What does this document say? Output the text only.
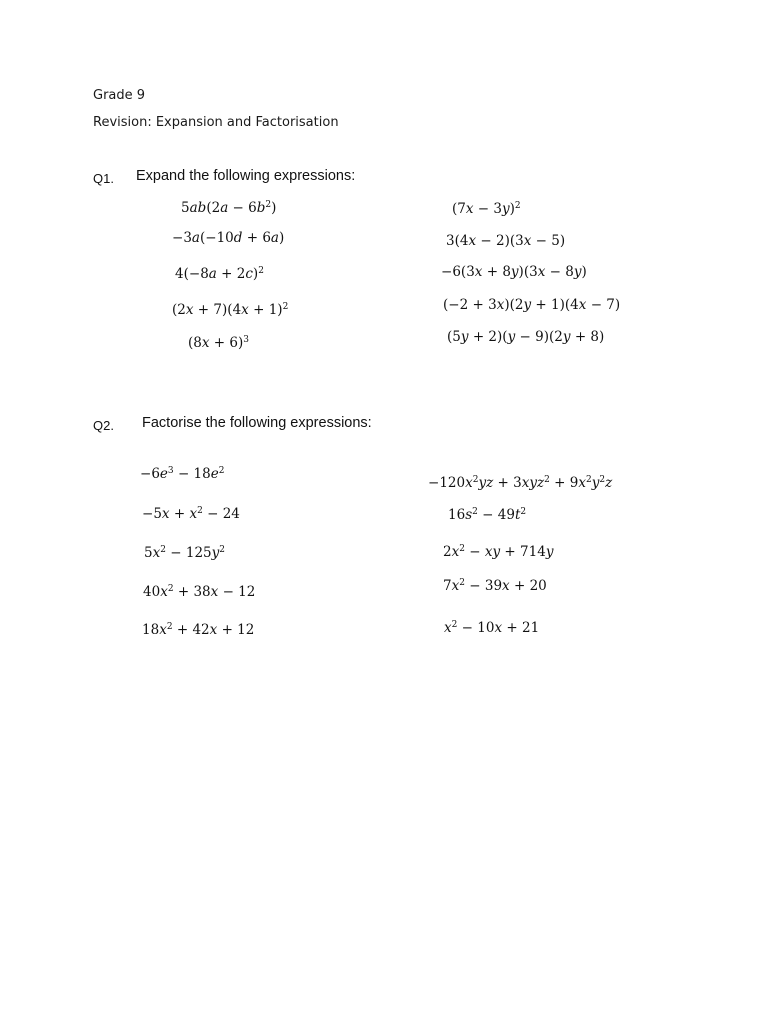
Grade 9
Revision: Expansion and Factorisation
Q1. Expand the following expressions:
$5ab(2a - 6b^2)$
−3a(−10d + 6a)
$4(-8a + 2c)^2$
$(2x + 7)(4x + 1)^2$
$(8x + 6)^3$
$(7x - 3y)^2$
3(4x − 2)(3x − 5)
−6(3x + 8y)(3x − 8y)
(−2 + 3x)(2y + 1)(4x − 7)
(5y + 2)(y − 9)(2y + 8)
Q2. Factorise the following expressions:
$-6e^3 - 18e^2$
$-5x + x^2 - 24$
$5x^2 - 125y^2$
$40x^2 + 38x - 12$
$18x^2 + 42x + 12$
$-120x^2yz + 3xyz^2 + 9x^2y^2z$
$16s^2 - 49t^2$
$2x^2$ − xy + 714y
$7x^2 - 39x + 20$
$x^2 - 10x + 21$
